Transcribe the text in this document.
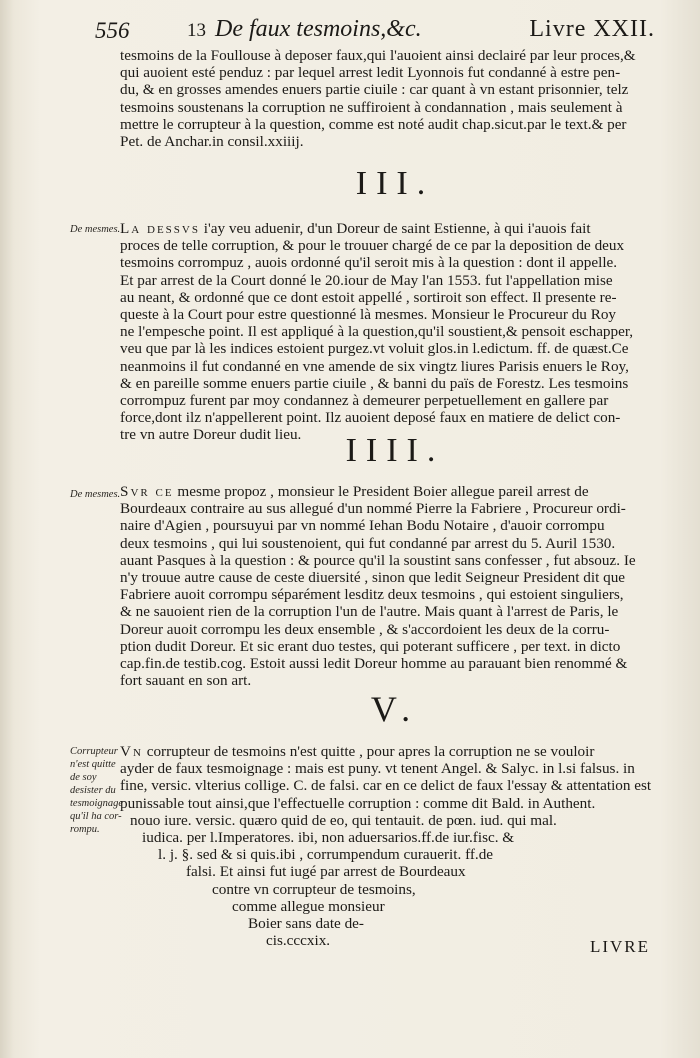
556	13 De faux tesmoins,&c.	Livre XXII.
tesmoins de la Foullouse à deposer faux,qui l'auoient ainsi declairé par leur proces,&
qui auoient esté penduz : par lequel arrest ledit Lyonnois fut condanné à estre pen-
du, & en grosses amendes enuers partie ciuile : car quant à vn estant prisonnier, telz
tesmoins soustenans la corruption ne suffiroient à condannation , mais seulement à
mettre le corrupteur à la question, comme est noté audit chap.sicut.par le text.& per
Pet. de Anchar.in consil.xxiiij.
III.
De mesmes. La dessvs i'ay veu aduenir, d'un Doreur de saint Estienne, à qui i'auois fait
proces de telle corruption, & pour le trouuer chargé de ce par la deposition de deux
tesmoins corrompuz , auois ordonné qu'il seroit mis à la question : dont il appelle.
Et par arrest de la Court donné le 20.iour de May l'an 1553. fut l'appellation mise
au neant, & ordonné que ce dont estoit appellé , sortiroit son effect. Il presente re-
queste à la Court pour estre questionné là mesmes. Monsieur le Procureur du Roy
ne l'empesche point. Il est appliqué à la question,qu'il soustient,& pensoit eschapper,
veu que par là les indices estoient purgez.vt voluit glos.in l.edictum. ff. de quæst.Ce
neanmoins il fut condanné en vne amende de six vingtz liures Parisis enuers le Roy,
& en pareille somme enuers partie ciuile , & banni du païs de Forestz. Les tesmoins
corrompuz furent par moy condannez à demeurer perpetuellement en gallere par
force,dont ilz n'appellerent point. Ilz auoient deposé faux en matiere de delict con-
tre vn autre Doreur dudit lieu.	IIII.
De mesmes. Svr ce mesme propoz , monsieur le President Boier allegue pareil arrest de
Bourdeaux contraire au sus allegué d'un nommé Pierre la Fabriere , Procureur ordi-
naire d'Agien , poursuyui par vn nommé Iehan Bodu Notaire , d'auoir corrompu
deux tesmoins , qui lui soustenoient, qui fut condanné par arrest du 5. Auril 1530.
auant Pasques à la question : & pource qu'il la soustint sans confesser , fut absouz. Ie
n'y trouue autre cause de ceste diuersité , sinon que ledit Seigneur President dit que
Fabriere auoit corrompu séparément lesditz deux tesmoins , qui estoient singuliers,
& ne sauoient rien de la corruption l'un de l'autre. Mais quant à l'arrest de Paris, le
Doreur auoit corrompu les deux ensemble , & s'accordoient les deux de la corru-
ption dudit Doreur. Et sic erant duo testes, qui poterant sufficere , per text. in dicto
cap.fin.de testib.cog. Estoit aussi ledit Doreur homme au parauant bien renommé &
fort sauant en son art.
V.
Corrupteur n'est quitte de soy desister du tesmoignage qu'il ha cor-rompu.
Vn corrupteur de tesmoins n'est quitte , pour apres la corruption ne se vouloir
ayder de faux tesmoignage : mais est puny. vt tenent Angel. & Salyc. in l.si falsus. in
fine, versic. vlterius collige. C. de falsi. car en ce delict de faux l'essay & attentation est
punissable tout ainsi,que l'effectuelle corruption : comme dit Bald. in Authent.
nouo iure. versic. quæro quid de eo, qui tentauit. de pœn. iud. qui mal.
iudica. per l.Imperatores. ibi, non aduersarios.ff.de iur.fisc. &
l. j. §. sed & si quis.ibi , corrumpendum curauerit. ff.de
falsi. Et ainsi fut iugé par arrest de Bourdeaux
contre vn corrupteur de tesmoins,
comme allegue monsieur
Boier sans date de-
cis.cccxix.	LIVRE
